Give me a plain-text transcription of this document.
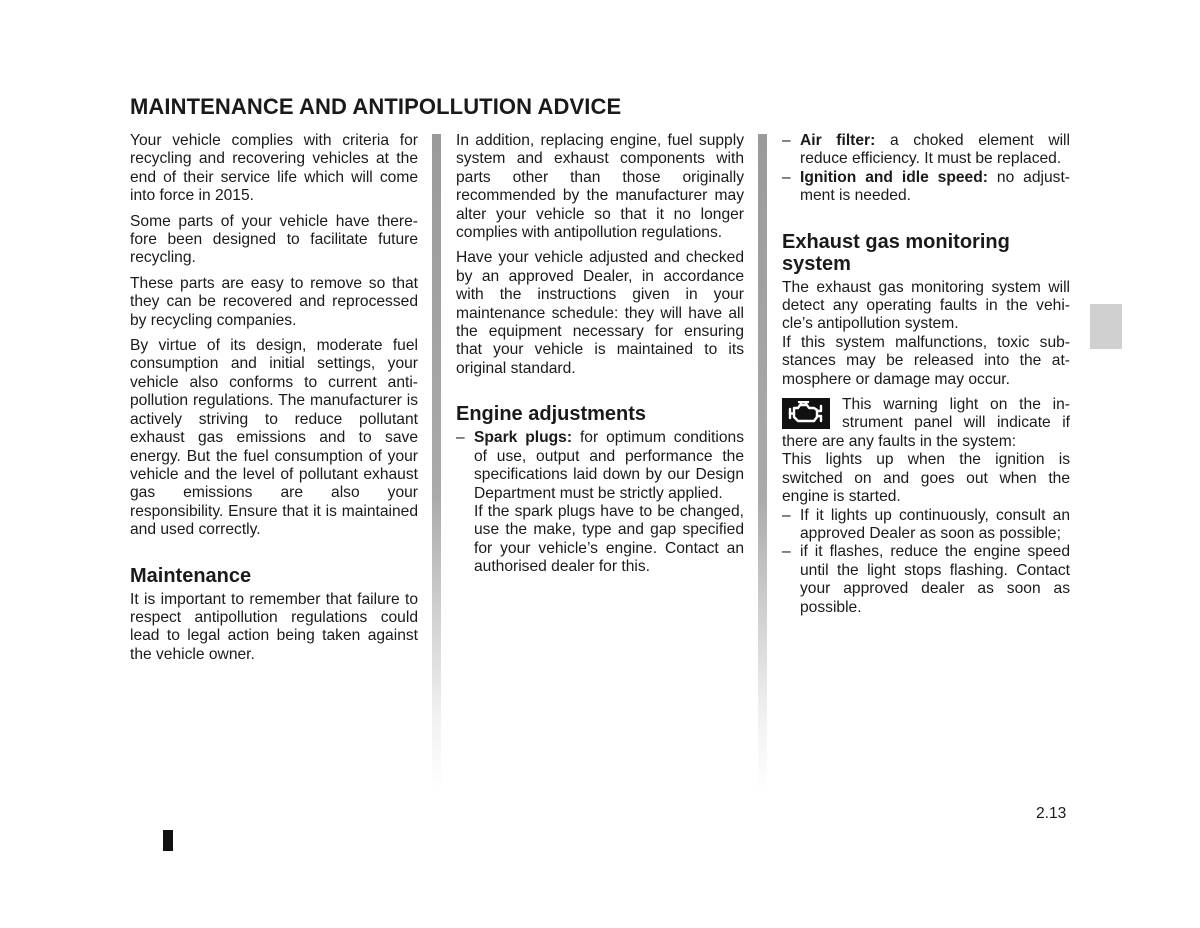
MAINTENANCE AND ANTIPOLLUTION ADVICE

Your vehicle complies with criteria for recycling and recovering vehicles at the end of their service life which will come into force in 2015.

Some parts of your vehicle have therefore been designed to facilitate future recycling.

These parts are easy to remove so that they can be recovered and reprocessed by recycling companies.

By virtue of its design, moderate fuel consumption and initial settings, your vehicle also conforms to current antipollution regulations. The manufacturer is actively striving to reduce pollutant exhaust gas emissions and to save energy. But the fuel consumption of your vehicle and the level of pollutant exhaust gas emissions are also your responsibility. Ensure that it is maintained and used correctly.

Maintenance

It is important to remember that failure to respect antipollution regulations could lead to legal action being taken against the vehicle owner.

In addition, replacing engine, fuel supply system and exhaust components with parts other than those originally recommended by the manufacturer may alter your vehicle so that it no longer complies with antipollution regulations.

Have your vehicle adjusted and checked by an approved Dealer, in accordance with the instructions given in your maintenance schedule: they will have all the equipment necessary for ensuring that your vehicle is maintained to its original standard.

Engine adjustments
– Spark plugs: for optimum conditions of use, output and performance the specifications laid down by our Design Department must be strictly applied.

If the spark plugs have to be changed, use the make, type and gap specified for your vehicle’s engine. Contact an authorised dealer for this.

– Air filter: a choked element will reduce efficiency. It must be replaced.
– Ignition and idle speed: no adjustment is needed.
Exhaust gas monitoring system

The exhaust gas monitoring system will detect any operating faults in the vehicle’s antipollution system.

If this system malfunctions, toxic substances may be released into the atmosphere or damage may occur.

This warning light on the instrument panel will indicate if there are any faults in the system:

This lights up when the ignition is switched on and goes out when the engine is started.

– If it lights up continuously, consult an approved Dealer as soon as possible;
– if it flashes, reduce the engine speed until the light stops flashing. Contact your approved dealer as soon as possible.
2.13
